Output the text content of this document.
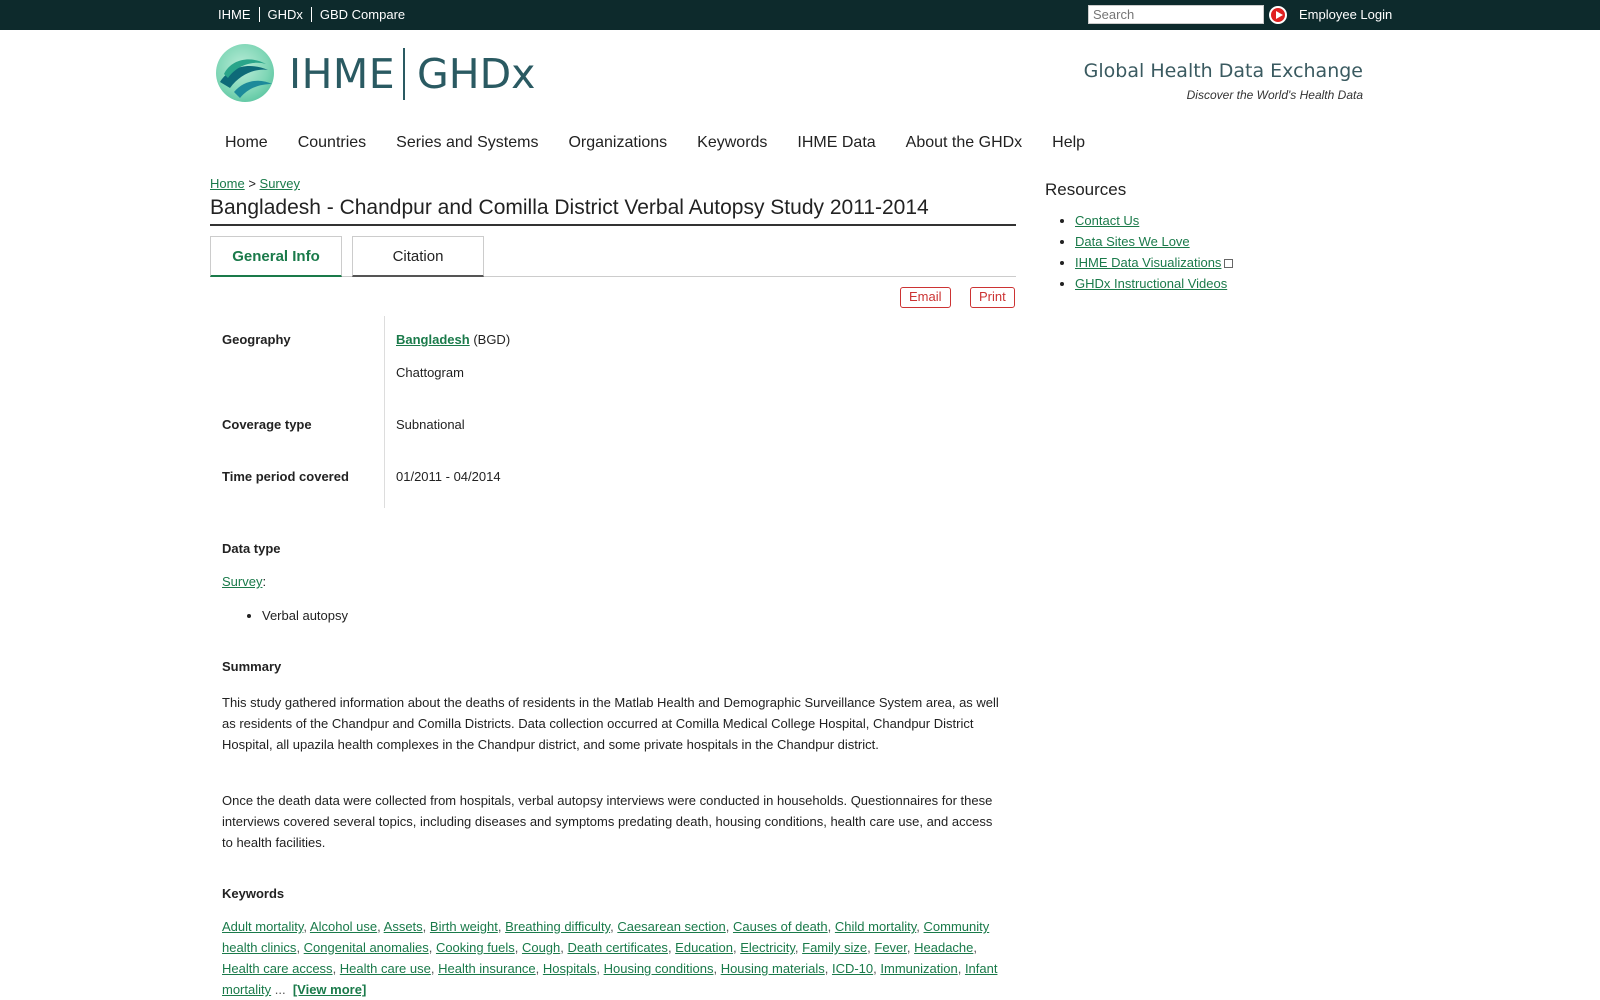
IHME	GHDx	GBD Compare
Search	Employee Login
IHME GHDx	Global Health Data Exchange
Discover the World's Health Data
Home Countries Series and Systems Organizations Keywords IHME Data About the GHDx Help
Home > Survey
Bangladesh - Chandpur and Comilla District Verbal Autopsy Study 2011-2014
General Info	Citation
Email	Print
Geography	Bangladesh (BGD)
Chattogram
Coverage type	Subnational
Time period covered	01/2011 - 04/2014
Data type
Survey:
• Verbal autopsy
Summary
This study gathered information about the deaths of residents in the Matlab Health and Demographic Surveillance System area, as well as residents of the Chandpur and Comilla Districts. Data collection occurred at Comilla Medical College Hospital, Chandpur District Hospital, all upazila health complexes in the Chandpur district, and some private hospitals in the Chandpur district.
Once the death data were collected from hospitals, verbal autopsy interviews were conducted in households. Questionnaires for these interviews covered several topics, including diseases and symptoms predating death, housing conditions, health care use, and access to health facilities.
Keywords
Adult mortality, Alcohol use, Assets, Birth weight, Breathing difficulty, Caesarean section, Causes of death, Child mortality, Community health clinics, Congenital anomalies, Cooking fuels, Cough, Death certificates, Education, Electricity, Family size, Fever, Headache, Health care access, Health care use, Health insurance, Hospitals, Housing conditions, Housing materials, ICD-10, Immunization, Infant mortality ... [View more]
Resources
• Contact Us
• Data Sites We Love
• IHME Data Visualizations
• GHDx Instructional Videos
